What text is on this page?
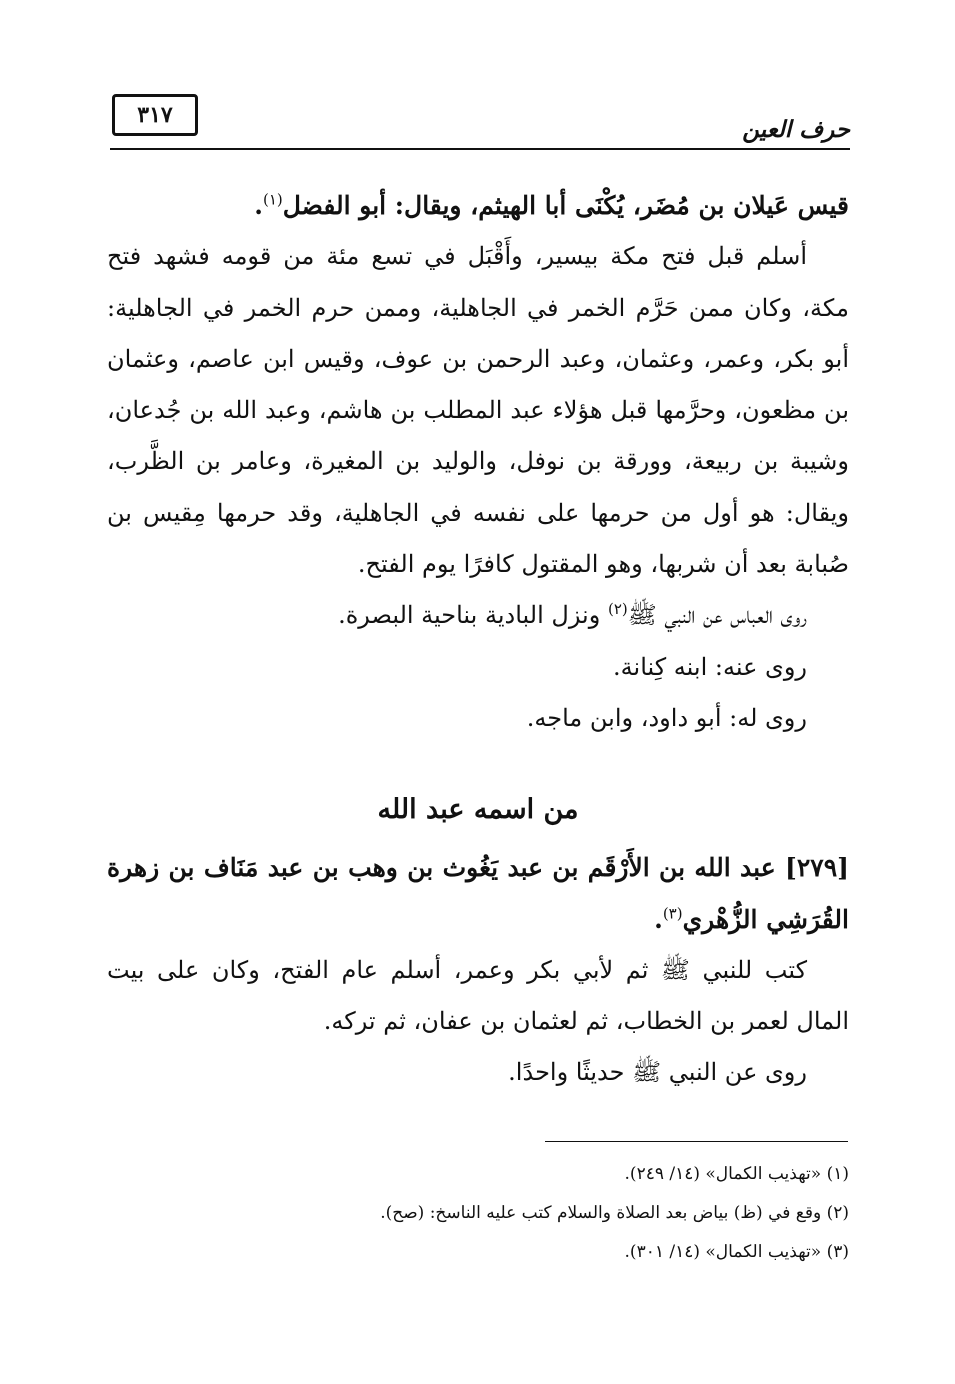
حرف العين
٣١٧
قيس عَيلان بن مُضَر، يُكْنَى أبا الهيثم، ويقال: أبو الفضل$^{(١)}$.

أسلم قبل فتح مكة بيسير، وأَقْبَل في تسع مئة من قومه فشهد فتح مكة، وكان ممن حَرَّم الخمر في الجاهلية، وممن حرم الخمر في الجاهلية: أبو بكر، وعمر، وعثمان، وعبد الرحمن بن عوف، وقيس ابن عاصم، وعثمان بن مظعون، وحرَّمها قبل هؤلاء عبد المطلب بن هاشم، وعبد الله بن جُدعان، وشيبة بن ربيعة، وورقة بن نوفل، والوليد بن المغيرة، وعامر بن الظَّرب، ويقال: هو أول من حرمها على نفسه في الجاهلية، وقد حرمها مِقيس بن صُبابة بعد أن شربها، وهو المقتول كافرًا يوم الفتح.

روى العباس عن النبي ﷺ$^{(٢)}$ ونزل البادية بناحية البصرة.
روى عنه: ابنه كِنانة.
روى له: أبو داود، وابن ماجه.
من اسمه عبد الله
[٢٧٩] عبد الله بن الأَرْقَم بن عبد يَغُوث بن وهب بن عبد مَنَاف بن زهرة القُرَشِي الزُّهْري$^{(٣)}$.

كتب للنبي ﷺ ثم لأبي بكر وعمر، أسلم عام الفتح، وكان على بيت المال لعمر بن الخطاب، ثم لعثمان بن عفان، ثم تركه.

روى عن النبي ﷺ حديثًا واحدًا.

(١) «تهذيب الكمال» (١٤/ ٢٤٩).

(٢) وقع في (ظ) بياض بعد الصلاة والسلام كتب عليه الناسخ: (صح).

(٣) «تهذيب الكمال» (١٤/ ٣٠١).
